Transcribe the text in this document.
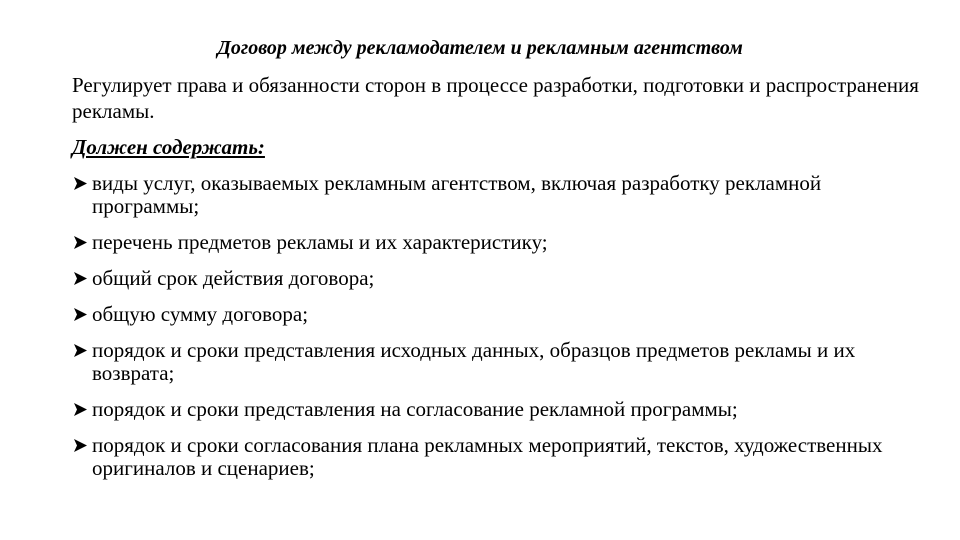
Договор между рекламодателем и рекламным агентством

Регулирует права и обязанности сторон в процессе разработки, подготовки и распространения рекламы.

Должен содержать:
виды услуг, оказываемых рекламным агентством, включая разработку рекламной программы;
перечень предметов рекламы и их характеристику;
общий срок действия договора;
общую сумму договора;
порядок и сроки представления исходных данных, образцов предметов рекламы и их возврата;
порядок и сроки представления на согласование рекламной программы;
порядок и сроки согласования плана рекламных мероприятий, текстов, художественных оригиналов и сценариев;
